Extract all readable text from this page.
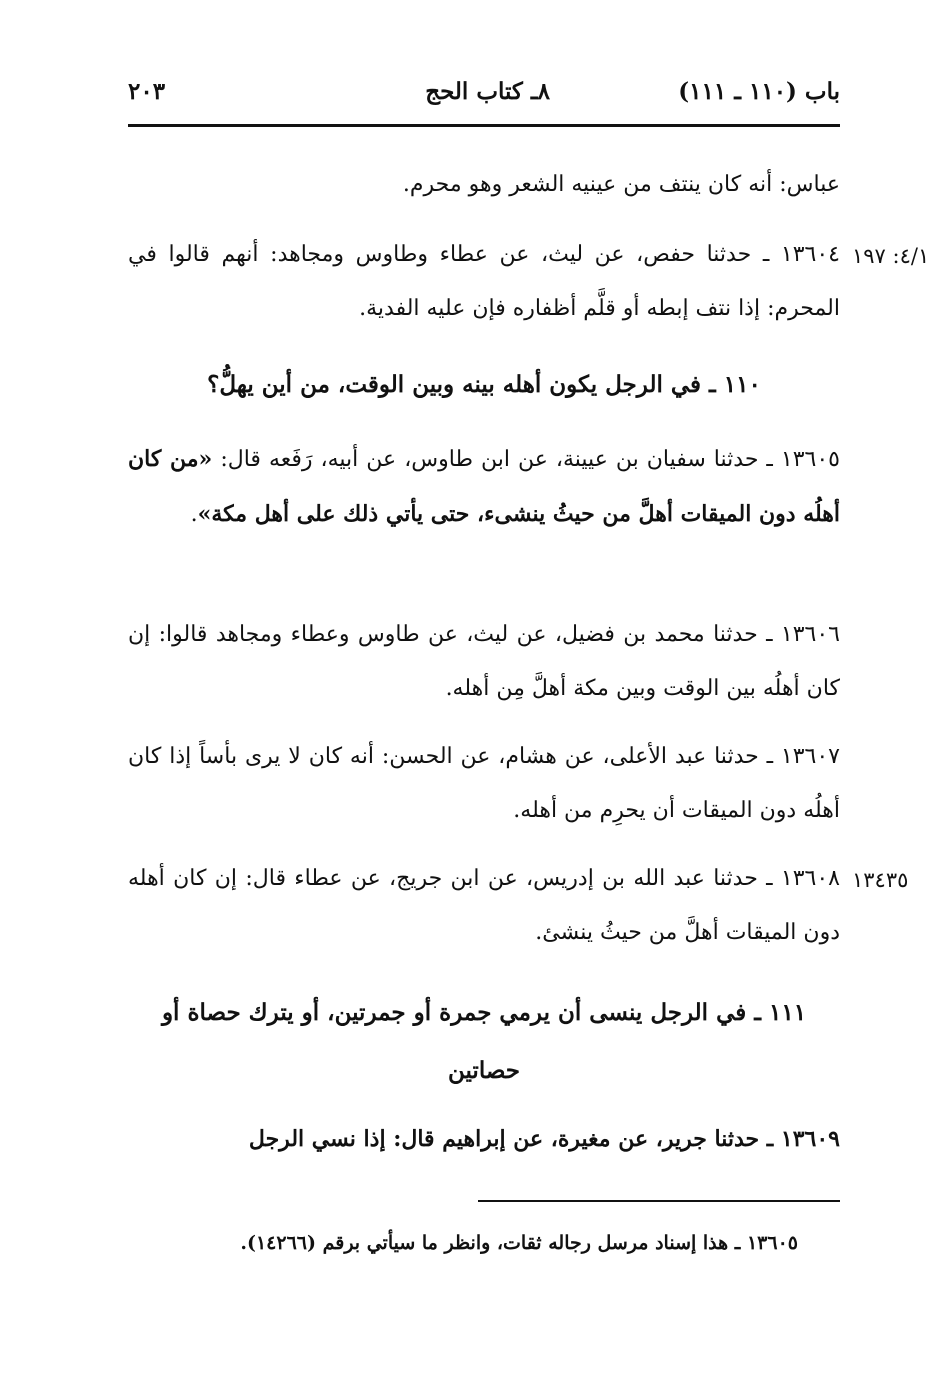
باب (١١٠ ـ ١١١)
٨ـ كتاب الحج
٢٠٣
عباس: أنه كان ينتف من عينيه الشعر وهو محرم.
٤/١: ١٩٧
١٣٦٠٤ ـ حدثنا حفص، عن ليث، عن عطاء وطاوس ومجاهد: أنهم قالوا في المحرم: إذا نتف إبطه أو قلَّم أظفاره فإن عليه الفدية.
١١٠ ـ في الرجل يكون أهله بينه وبين الوقت، من أين يهلُّ؟
١٣٦٠٥ ـ حدثنا سفيان بن عيينة، عن ابن طاوس، عن أبيه، رَفَعه قال: «من كان أهلُه دون الميقات أهلَّ من حيثُ ينشىء، حتى يأتي ذلك على أهل مكة».
١٣٦٠٦ ـ حدثنا محمد بن فضيل، عن ليث، عن طاوس وعطاء ومجاهد قالوا: إن كان أهلُه بين الوقت وبين مكة أهلَّ مِن أهله.
١٣٦٠٧ ـ حدثنا عبد الأعلى، عن هشام، عن الحسن: أنه كان لا يرى بأساً إذا كان أهلُه دون الميقات أن يحرِم من أهله.
١٣٤٣٥
١٣٦٠٨ ـ حدثنا عبد الله بن إدريس، عن ابن جريج، عن عطاء قال: إن كان أهله دون الميقات أهلَّ من حيثُ ينشئ.
١١١ ـ في الرجل ينسى أن يرمي جمرة أو جمرتين، أو يترك حصاة أو حصاتين
١٣٦٠٩ ـ حدثنا جرير، عن مغيرة، عن إبراهيم قال: إذا نسي الرجل
١٣٦٠٥ ـ هذا إسناد مرسل رجاله ثقات، وانظر ما سيأتي برقم (١٤٢٦٦).
